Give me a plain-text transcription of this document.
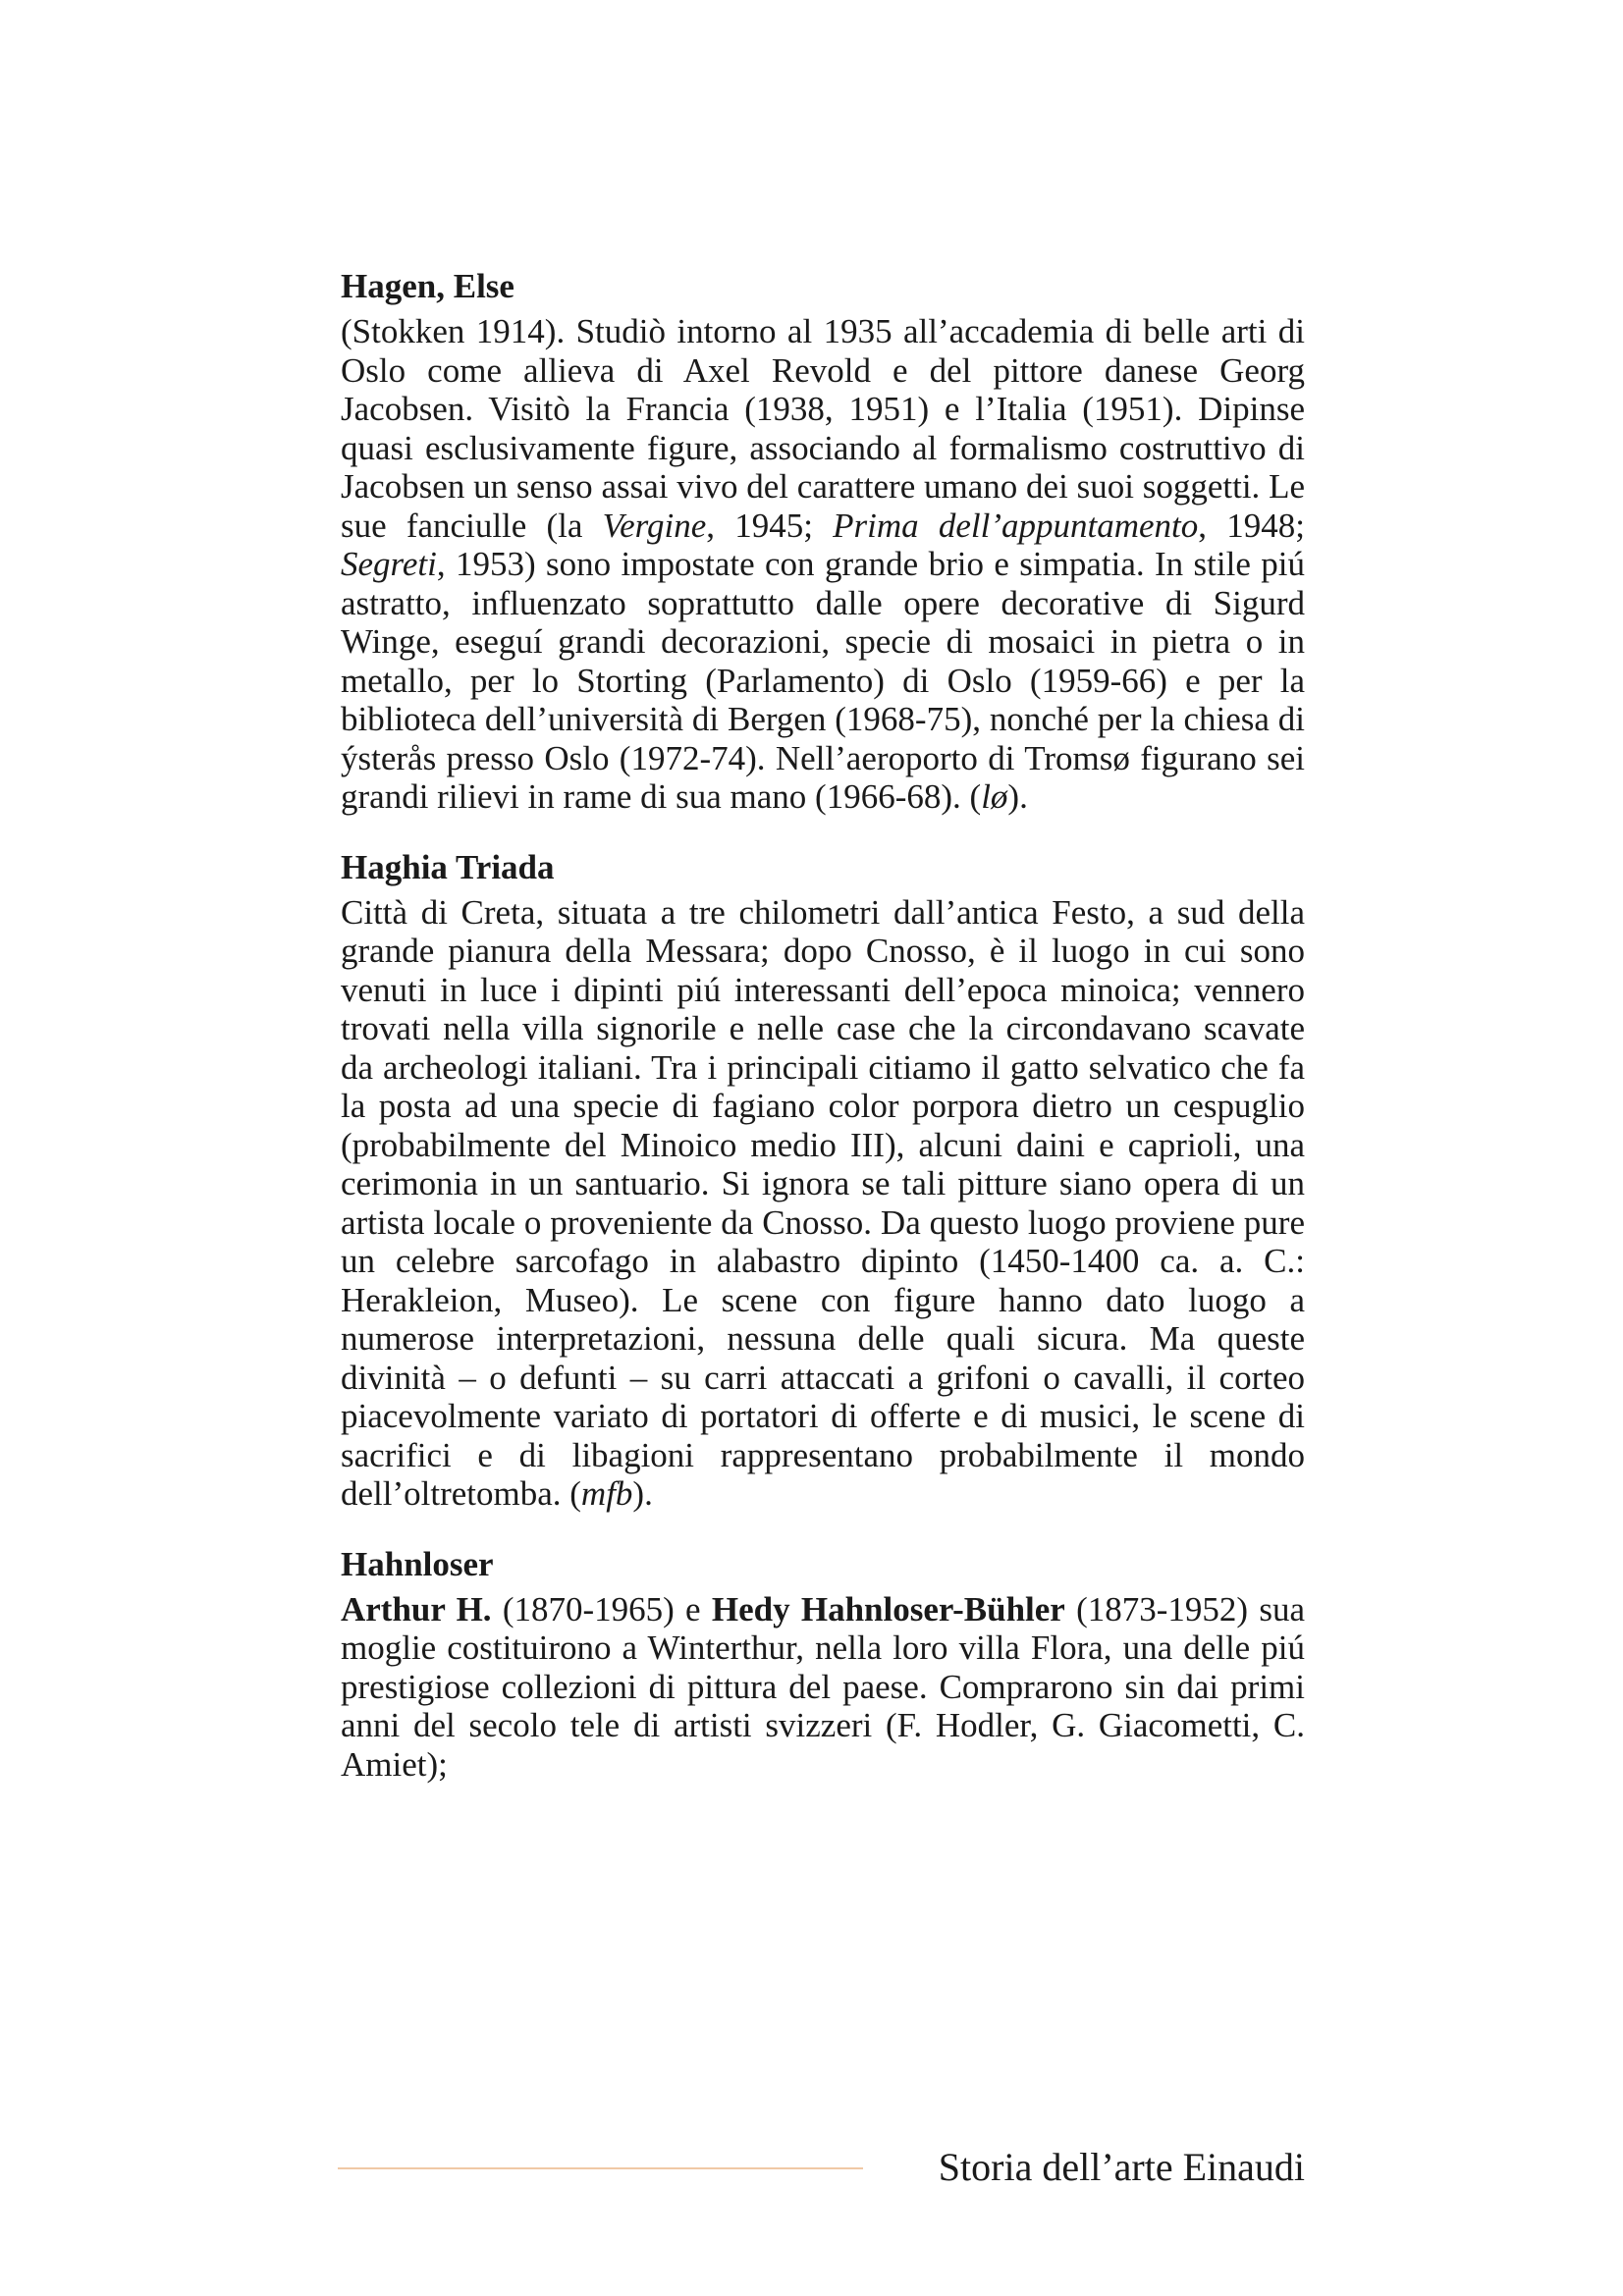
Hagen, Else

(Stokken 1914). Studiò intorno al 1935 all’accademia di belle arti di Oslo come allieva di Axel Revold e del pittore danese Georg Jacobsen. Visitò la Francia (1938, 1951) e l’Italia (1951). Dipinse quasi esclusivamente figure, associando al formalismo costruttivo di Jacobsen un senso assai vivo del carattere umano dei suoi soggetti. Le sue fanciulle (la Vergine, 1945; Prima dell’appuntamento, 1948; Segreti, 1953) sono impostate con grande brio e simpatia. In stile piú astratto, influenzato soprattutto dalle opere decorative di Sigurd Winge, eseguí grandi decorazioni, specie di mosaici in pietra o in metallo, per lo Storting (Parlamento) di Oslo (1959-66) e per la biblioteca dell’università di Bergen (1968-75), nonché per la chiesa di ýsterås presso Oslo (1972-74). Nell’aeroporto di Tromsø figurano sei grandi rilievi in rame di sua mano (1966-68). (lø).

Haghia Triada

Città di Creta, situata a tre chilometri dall’antica Festo, a sud della grande pianura della Messara; dopo Cnosso, è il luogo in cui sono venuti in luce i dipinti piú interessanti dell’epoca minoica; vennero trovati nella villa signorile e nelle case che la circondavano scavate da archeologi italiani. Tra i principali citiamo il gatto selvatico che fa la posta ad una specie di fagiano color porpora dietro un cespuglio (probabilmente del Minoico medio III), alcuni daini e caprioli, una cerimonia in un santuario. Si ignora se tali pitture siano opera di un artista locale o proveniente da Cnosso. Da questo luogo proviene pure un celebre sarcofago in alabastro dipinto (1450-1400 ca. a. C.: Herakleion, Museo). Le scene con figure hanno dato luogo a numerose interpretazioni, nessuna delle quali sicura. Ma queste divinità – o defunti – su carri attaccati a grifoni o cavalli, il corteo piacevolmente variato di portatori di offerte e di musici, le scene di sacrifici e di libagioni rappresentano probabilmente il mondo dell’oltretomba. (mfb).

Hahnloser

Arthur H. (1870-1965) e Hedy Hahnloser-Bühler (1873-1952) sua moglie costituirono a Winterthur, nella loro villa Flora, una delle piú prestigiose collezioni di pittura del paese. Comprarono sin dai primi anni del secolo tele di artisti svizzeri (F. Hodler, G. Giacometti, C. Amiet);

Storia dell’arte Einaudi
